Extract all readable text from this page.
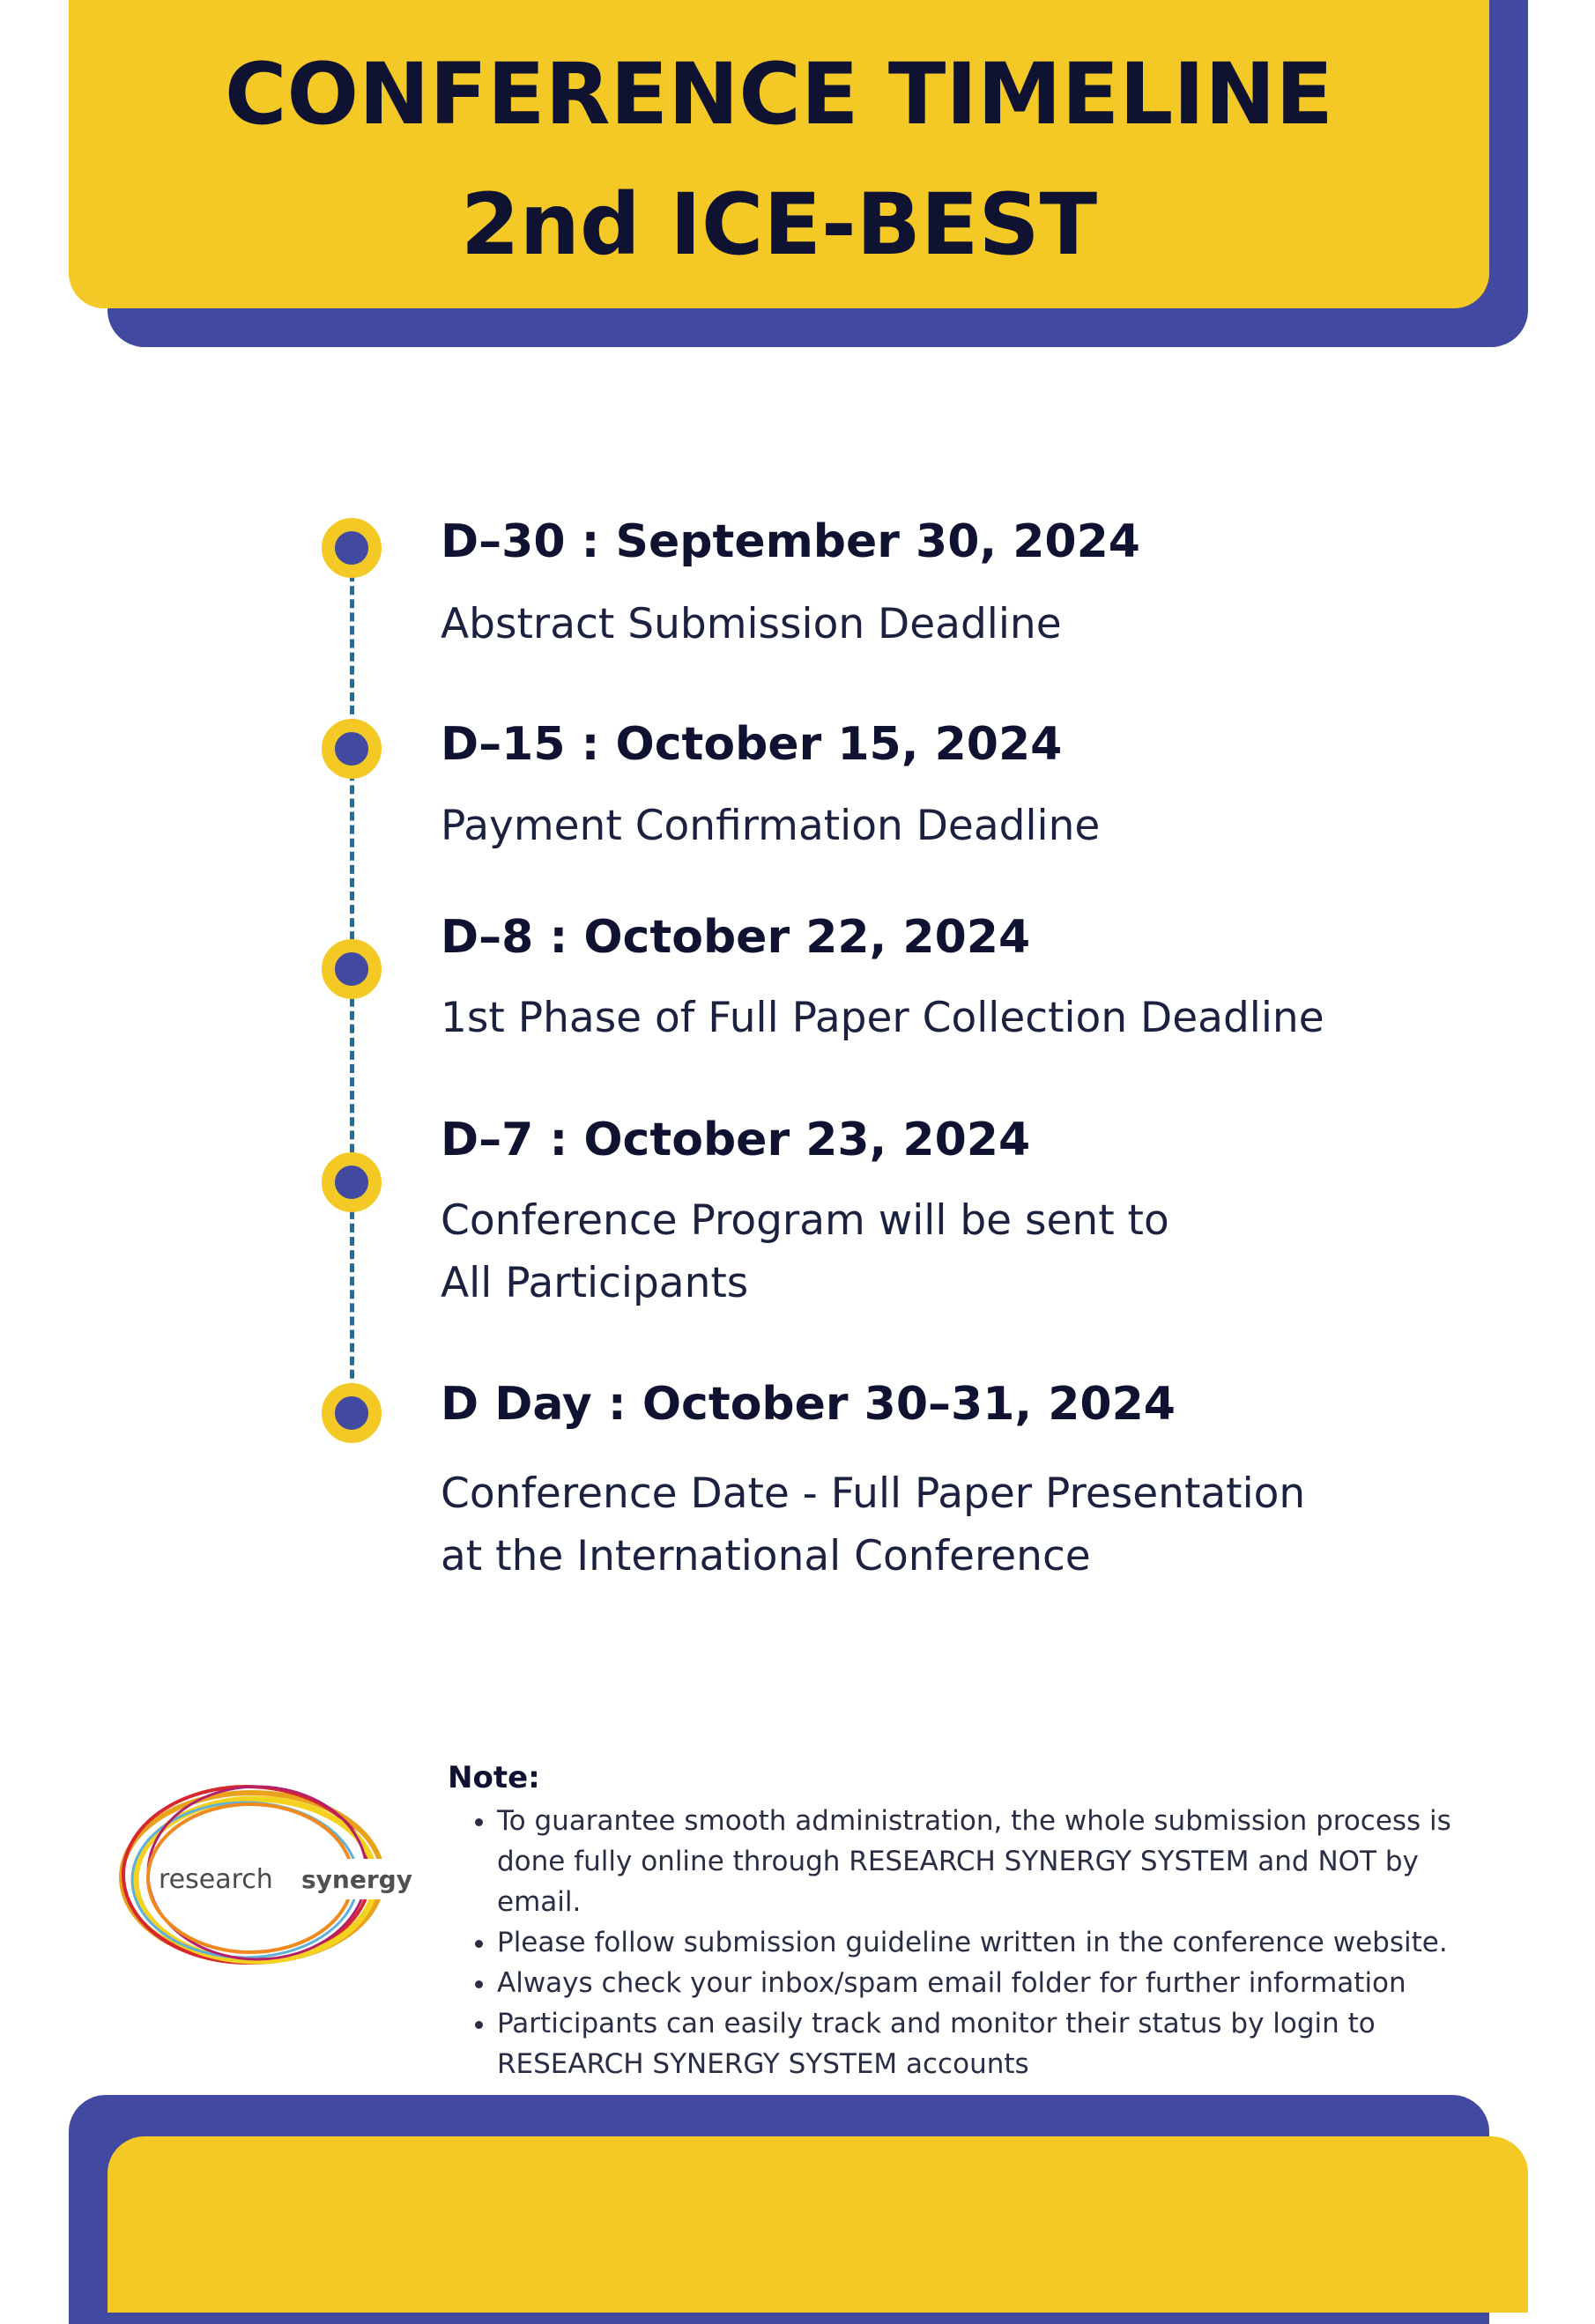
CONFERENCE TIMELINE
2nd ICE-BEST
D–30 : September 30, 2024
Abstract Submission Deadline
D–15 : October 15, 2024
Payment Confirmation Deadline
D–8 : October 22, 2024
1st Phase of Full Paper Collection Deadline
D–7 : October 23, 2024
Conference Program will be sent to
All Participants
D Day : October 30–31, 2024
Conference Date - Full Paper Presentation
at the International Conference
research synergy
Note:
• To guarantee smooth administration, the whole submission process is done fully online through RESEARCH SYNERGY SYSTEM and NOT by email.
• Please follow submission guideline written in the conference website.
• Always check your inbox/spam email folder for further information
• Participants can easily track and monitor their status by login to RESEARCH SYNERGY SYSTEM accounts
